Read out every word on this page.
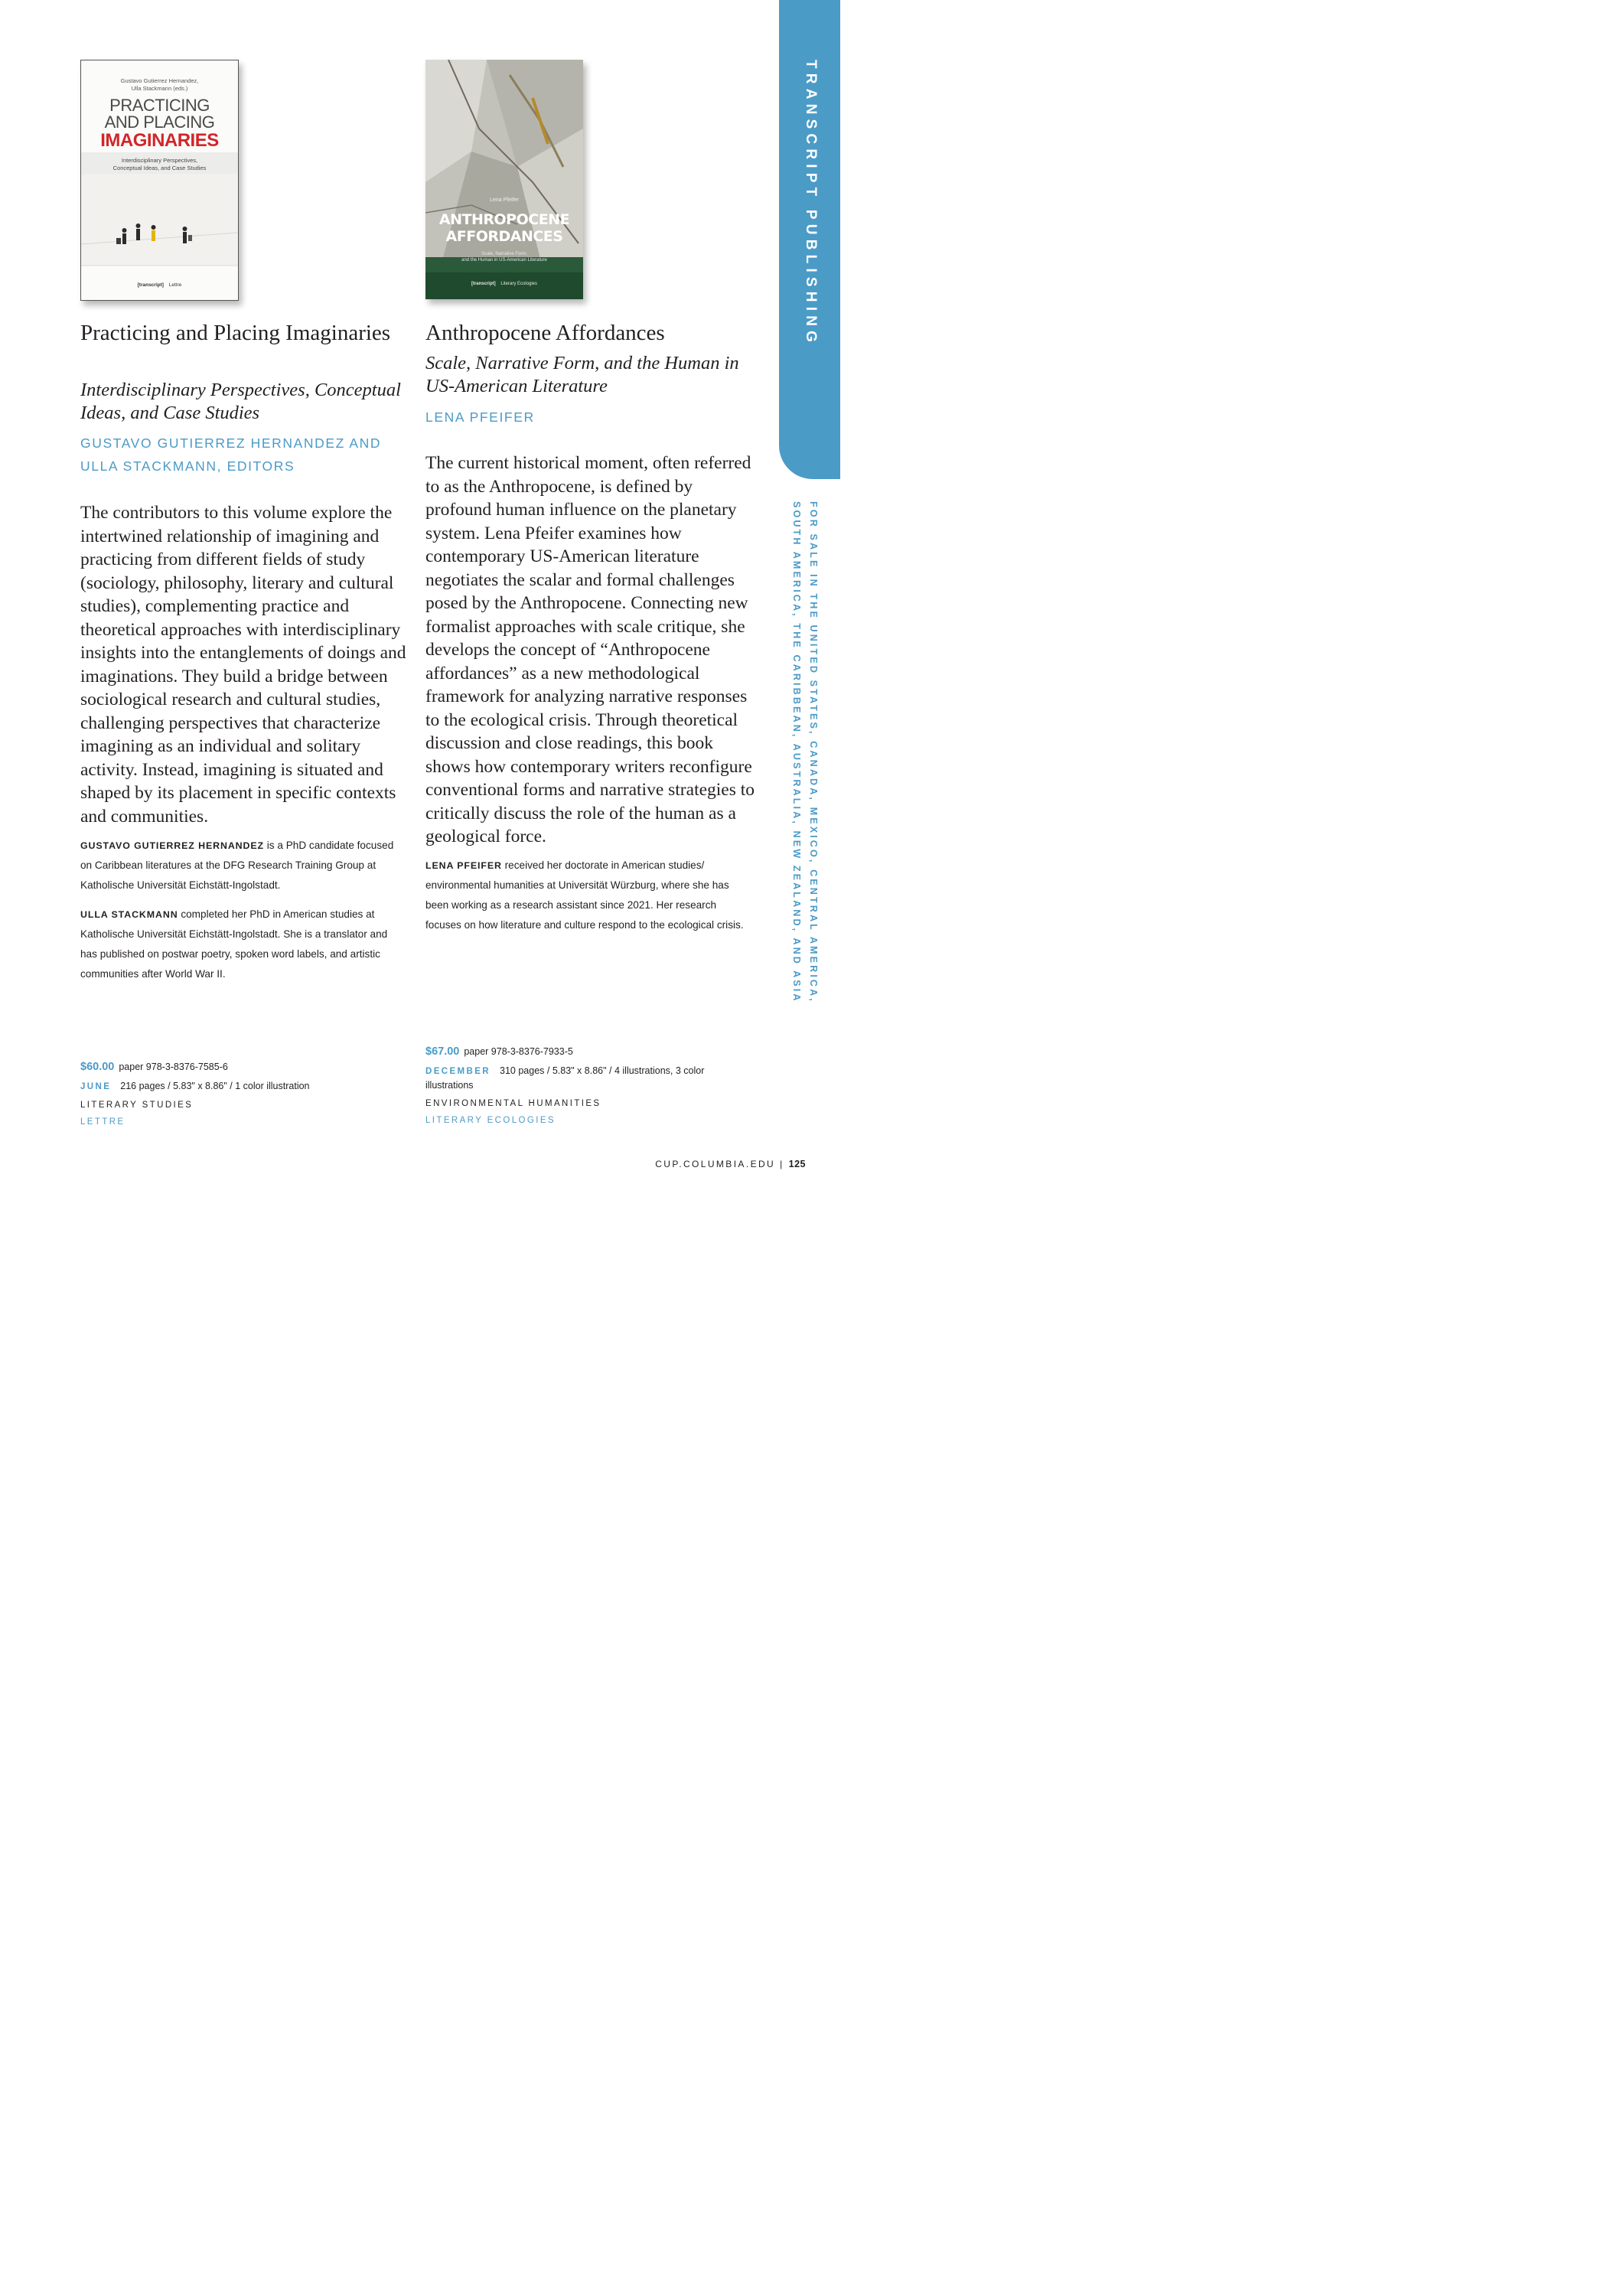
TRANSCRIPT PUBLISHING
FOR SALE IN THE UNITED STATES, CANADA, MEXICO, CENTRAL AMERICA, SOUTH AMERICA, THE CARIBBEAN, AUSTRALIA, NEW ZEALAND, AND ASIA
Gustavo Gutierrez Hernandez,
Ulla Stackmann (eds.)
PRACTICING
AND PLACING
IMAGINARIES
Interdisciplinary Perspectives,
Conceptual Ideas, and Case Studies
[transcript] Lettre
Practicing and Placing Imaginaries
Interdisciplinary Perspectives, Conceptual Ideas, and Case Studies
GUSTAVO GUTIERREZ HERNANDEZ AND ULLA STACKMANN, EDITORS
The contributors to this volume explore the intertwined relationship of imagining and practicing from different fields of study (sociology, philosophy, literary and cultural studies), complementing practice and theoretical approaches with interdisciplinary insights into the entanglements of doings and imaginations. They build a bridge between sociological research and cultural studies, challenging perspectives that characterize imagining as an individual and solitary activity. Instead, imagining is situated and shaped by its placement in specific contexts and communities.
GUSTAVO GUTIERREZ HERNANDEZ is a PhD candidate focused on Caribbean literatures at the DFG Research Training Group at Katholische Universität Eichstätt-Ingolstadt.
ULLA STACKMANN completed her PhD in American studies at Katholische Universität Eichstätt-Ingolstadt. She is a translator and has published on postwar poetry, spoken word labels, and artistic communities after World War II.
$60.00 paper 978-3-8376-7585-6
JUNE 216 pages / 5.83" x 8.86" / 1 color illustration
LITERARY STUDIES
LETTRE
Lena Pfeifer
ANTHROPOCENE
AFFORDANCES
Scale, Narrative Form,
and the Human in US-American Literature
[transcript] Literary Ecologies
Anthropocene Affordances
Scale, Narrative Form, and the Human in US-American Literature
LENA PFEIFER
The current historical moment, often referred to as the Anthropocene, is defined by profound human influence on the planetary system. Lena Pfeifer examines how contemporary US-American literature negotiates the scalar and formal challenges posed by the Anthropocene. Connecting new formalist approaches with scale critique, she develops the concept of “Anthropocene affordances” as a new methodological framework for analyzing narrative responses to the ecological crisis. Through theoretical discussion and close readings, this book shows how contemporary writers reconfigure conventional forms and narrative strategies to critically discuss the role of the human as a geological force.
LENA PFEIFER received her doctorate in American studies/ environmental humanities at Universität Würzburg, where she has been working as a research assistant since 2021. Her research focuses on how literature and culture respond to the ecological crisis.
$67.00 paper 978-3-8376-7933-5
DECEMBER 310 pages / 5.83" x 8.86" / 4 illustrations, 3 color illustrations
ENVIRONMENTAL HUMANITIES
LITERARY ECOLOGIES
CUP.COLUMBIA.EDU | 125
